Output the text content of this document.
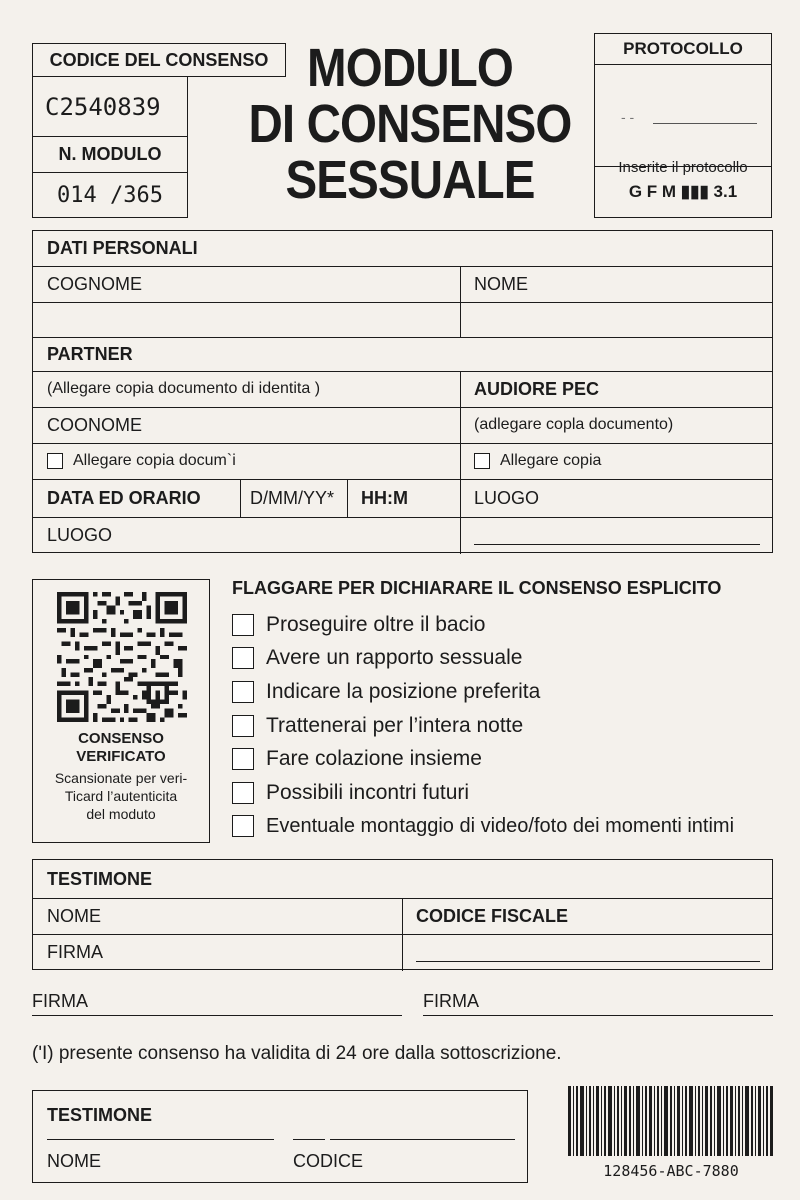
CODICE DEL CONSENSO
C2540839
N. MODULO
014 /365
MODULO
DI CONSENSO
SESSUALE
PROTOCOLLO
- -
Inserite il protocollo
G F M ▮▮▮ 3.1
DATI PERSONALI
COGNOME	NOME
PARTNER
(Allegare copia documento di identita )	AUDIORE PEC
COONOME	(adlegare copla documento)
Allegare copia docum`i	Allegare copia
DATA ED ORARIO	D/MM/YY*	HH:M	LUOGO
LUOGO
CONSENSO
VERIFICATO
Scansionate per veri-
Ticard l’autenticita
del moduto
FLAGGARE PER DICHIARARE IL CONSENSO ESPLICITO
Proseguire oltre il bacio
Avere un rapporto sessuale
Indicare la posizione preferita
Trattenerai per l’intera notte
Fare colazione insieme
Possibili incontri futuri
Eventuale montaggio di video/foto dei momenti intimi
TESTIMONE
NOME	CODICE FISCALE
FIRMA
FIRMA	FIRMA
(ʹI) presente consenso ha validita di 24 ore dalla sottoscrizione.
TESTIMONE
NOME	CODICE	128456-ABC-7880
